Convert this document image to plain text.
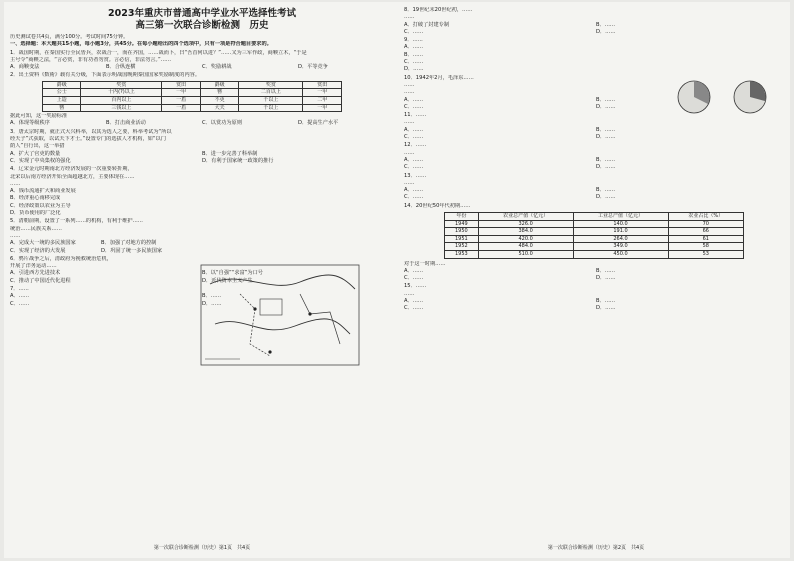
2023年重庆市普通高中学业水平选择性考试
高三第一次联合诊断检测　历史

历史测试卷共4页，满分100分。考试时间75分钟。

一、选择题：本大题共15小题，每小题3分，共45分。在每小题给出的四个选项中，只有一项是符合题目要求的。

1．战国时期，在秦国实行全民皆兵，农战合一，而在齐国，……战而卜，曰“吾首何以进？”……又为三军作政，商鞅立木，“于是

主号令“商鞅之法，“言必赏，非有功者勿赏。言必信，非法勿言。”……

A．商鞅变法	B．合纵连横	C．奖励耕战	D．平等竞争

2．出土资料《数術》载有关分级，下面表示明战国晚期秦国国家奖励制度的内容。

爵级	奖赏	赏田	爵级	奖赏	赏田
公士	十内(?)以上	一甲	簪	二百以上	一甲
上造	百内以上	一盾	不更	千以上	二甲
簪	三钱以上	一盾	大夫	千以上	一甲

据此可知，这一奖励标准

A．体现等级秩序	B．打击商业活动	C．以赏功为原则	D．提高生产水平

3．唐太宗时期，就正式大兴科举，以其为选人之要，科举考试为“所以

经天子”式获取，以试天下才士。”设置专门的选拔人才机构，如“以门

荫人”自行出，这一举措

A．扩大了官吏的数量	B．进一步完善了科举制
C．实现了中央集权的强化	D．有利于国家统一政策的推行

4．辽宋金元时期南北方经济发展的一次重要转折期，

北宋以后南方经济开始全面超越北方，主要体现在……

……

A．钱币流通扩大和商业发展

B．经济重心南移完成

C．经济政策以农业为主导

D．货币使用的广泛化

5．清朝前期，设置了一系列……的机构，有利于维护……

统治……民族关系……

……

A．完成大一统的多民族国家	B．加强了对地方的控制
C．实现了经济的大发展	D．巩固了统一多民族国家

6．鸦片战争之后，清政府为挽救统治危机，

开展了洋务运动……

A．引进西方先进技术	B．以“自强”“求富”为口号
C．推动了中国近代化进程	D．近代资本主义产生

7．……

A．……	B．……
C．……	D．……
第一次联合诊断检测（历史）第1页　共4页

8．19世纪末20世纪初，……

……

A．打破了封建专制	B．……
C．……	D．……

9．……

A．……

B．……

C．……

D．……

10．1942年2月，毛泽东……

……

……

A．……	B．……
C．……	D．……

11．……

……

A．……	B．……
C．……	D．……

12．……

……

A．……	B．……
C．……	D．……

13．……

……

A．……	B．……
C．……	D．……

14．20世纪50年代初期……

年份	农业总产值（亿元）	工业总产值（亿元）	农业占比（%）
1949	326.0	140.0	70
1950	384.0	191.0	66
1951	420.0	264.0	61
1952	484.0	349.0	58
1953	510.0	450.0	53

对于这一时期……

A．……	B．……
C．……	D．……

15．……

……

A．……	B．……
C．……	D．……
第一次联合诊断检测（历史）第2页　共4页
